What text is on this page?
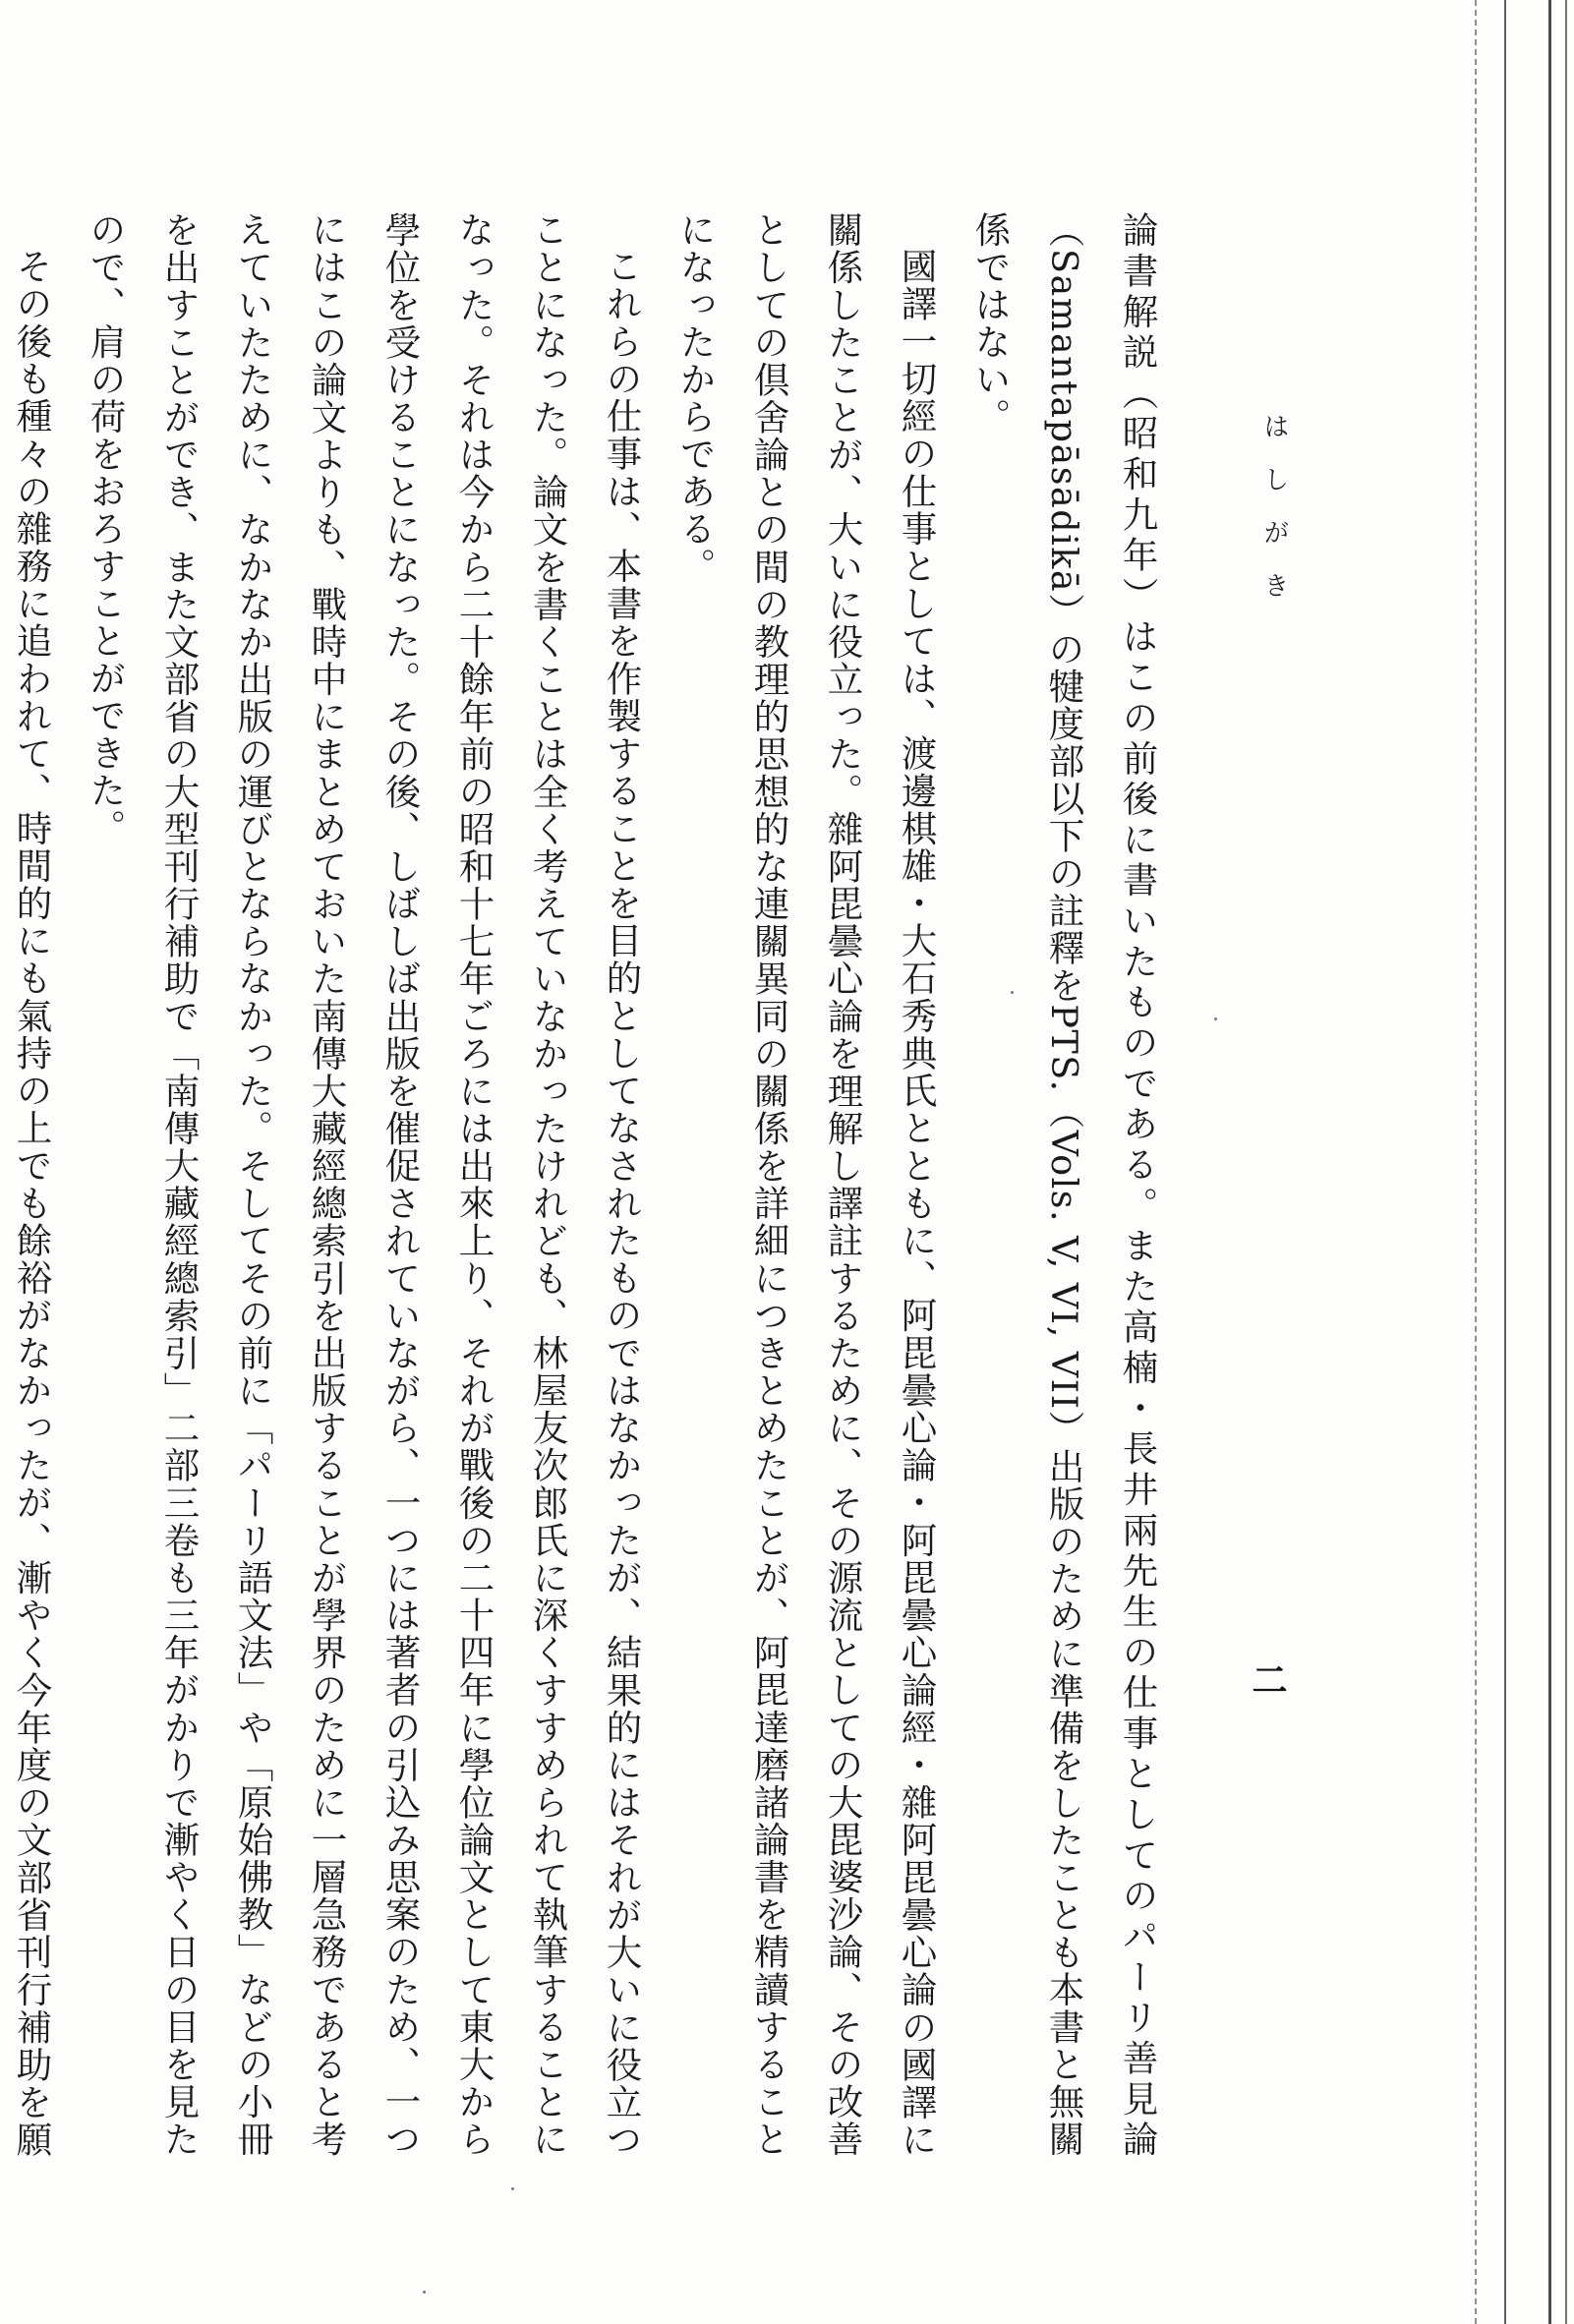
はしがき
二

論書解説（昭和九年）はこの前後に書いたものである。また高楠・長井兩先生の仕事としてのパーリ善見論（Samantapāsādikā）の犍度部以下の註釋をPTS.（Vols. V, VI, VII）出版のために準備をしたことも本書と無關係ではない。

國譯一切經の仕事としては、渡邊棋雄・大石秀典氏とともに、阿毘曇心論・阿毘曇心論經・雜阿毘曇心論の國譯に關係したことが、大いに役立った。雜阿毘曇心論を理解し譯註するために、その源流としての大毘婆沙論、その改善としての倶舍論との間の教理的思想的な連關異同の關係を詳細につきとめたことが、阿毘達磨諸論書を精讀することになったからである。

これらの仕事は、本書を作製することを目的としてなされたものではなかったが、結果的にはそれが大いに役立つことになった。論文を書くことは全く考えていなかったけれども、林屋友次郎氏に深くすすめられて執筆することになった。それは今から二十餘年前の昭和十七年ごろには出來上り、それが戰後の二十四年に學位論文として東大から學位を受けることになった。その後、しばしば出版を催促されていながら、一つには著者の引込み思案のため、一つにはこの論文よりも、戰時中にまとめておいた南傳大藏經總索引を出版することが學界のために一層急務であると考えていたために、なかなか出版の運びとならなかった。そしてその前に「パーリ語文法」や「原始佛教」などの小冊を出すことができ、また文部省の大型刊行補助で「南傳大藏經總索引」二部三卷も三年がかりで漸やく日の目を見たので、肩の荷をおろすことができた。

その後も種々の雜務に追われて、時間的にも氣持の上でも餘裕がなかったが、漸やく今年度の文部省刊行補助を願
